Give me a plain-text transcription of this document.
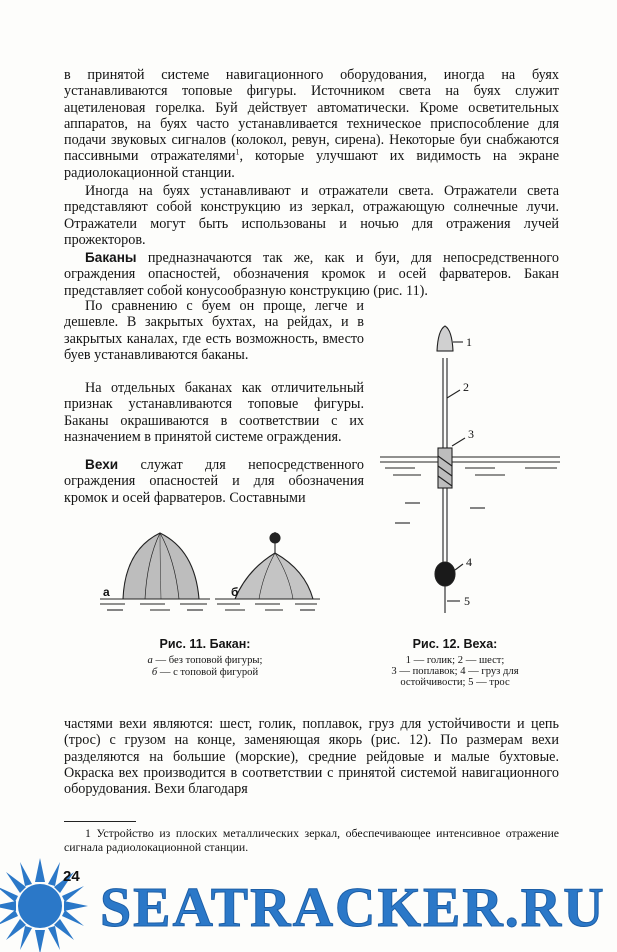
в принятой системе навигационного оборудования, иногда на буях устанавливаются топовые фигуры. Источником света на буях служит ацетиленовая горелка. Буй действует автоматически. Кроме осветительных аппаратов, на буях часто устанавливается техническое приспособление для подачи звуковых сигналов (колокол, ревун, сирена). Некоторые буи снабжаются пассивными отражателями$^1$, которые улучшают их видимость на экране радиолокационной станции.

Иногда на буях устанавливают и отражатели света. Отражатели света представляют собой конструкцию из зеркал, отражающую солнечные лучи. Отражатели могут быть использованы и ночью для отражения лучей прожекторов.

Баканы предназначаются так же, как и буи, для непосредственного ограждения опасностей, обозначения кромок и осей фарватеров. Бакан представляет собой конусообразную конструкцию (рис. 11).

По сравнению с буем он проще, легче и дешевле. В закрытых бухтах, на рейдах, и в закрытых каналах, где есть возможность, вместо буев устанавливаются баканы.

На отдельных баканах как отличительный признак устанавливаются топовые фигуры. Баканы окрашиваются в соответствии с их назначением в принятой системе ограждения.

Вехи служат для непосредственного ограждения опасностей и для обозначения кромок и осей фарватеров. Составными

а	б
Рис. 11. Бакан:
а — без топовой фигуры;
б — с топовой фигурой
1
2
3
4
5
Рис. 12. Веха:
1 — голик; 2 — шест;
3 — поплавок; 4 — груз для
остойчивости; 5 — трос

частями вехи являются: шест, голик, поплавок, груз для устойчивости и цепь (трос) с грузом на конце, заменяющая якорь (рис. 12). По размерам вехи разделяются на большие (морские), средние рейдовые и малые бухтовые. Окраска вех производится в соответствии с принятой системой навигационного оборудования. Вехи благодаря

1 Устройство из плоских металлических зеркал, обеспечивающее интенсивное отражение сигнала радиолокационной станции.

24
SEATRACKER.RU
